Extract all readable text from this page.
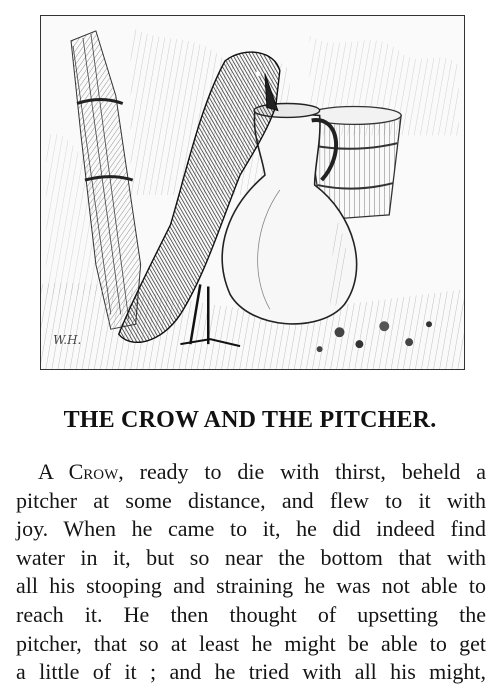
W.H.
THE CROW AND THE PITCHER.
A Crow, ready to die with thirst, beheld a
pitcher at some distance, and flew to it with
joy. When he came to it, he did indeed find
water in it, but so near the bottom that with
all his stooping and straining he was not able to
reach it. He then thought of upsetting the
pitcher, that so at least he might be able to get
a little of it ; and he tried with all his might,
